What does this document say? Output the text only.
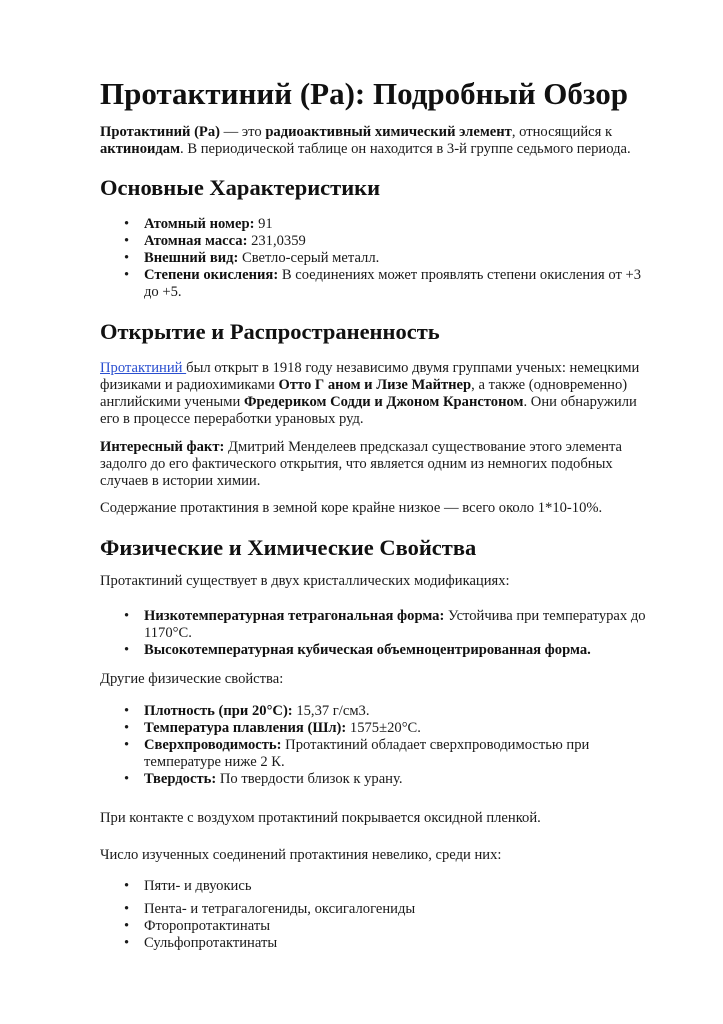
Протактиний (Pa): Подробный Обзор

Протактиний (Pa) — это радиоактивный химический элемент, относящийся к актиноидам. В периодической таблице он находится в 3-й группе седьмого периода.

Основные Характеристики
• Атомный номер: 91
• Атомная масса: 231,0359
• Внешний вид: Светло-серый металл.
• Степени окисления: В соединениях может проявлять степени окисления от +3 до +5.
Открытие и Распространенность

Протактиний был открыт в 1918 году независимо двумя группами ученых: немецкими физиками и радиохимиками Отто Г аном и Лизе Майтнер, а также (одновременно) английскими учеными Фредериком Содди и Джоном Кранстоном. Они обнаружили его в процессе переработки урановых руд.

Интересный факт: Дмитрий Менделеев предсказал существование этого элемента задолго до его фактического открытия, что является одним из немногих подобных случаев в истории химии.

Содержание протактиния в земной коре крайне низкое — всего около 1*10-10%.

Физические и Химические Свойства

Протактиний существует в двух кристаллических модификациях:

• Низкотемпературная тетрагональная форма: Устойчива при температурах до 1170°C.
• Высокотемпературная кубическая объемноцентрированная форма.

Другие физические свойства:

• Плотность (при 20°C): 15,37 г/см3.
• Температура плавления (Шл): 1575±20°C.
• Сверхпроводимость: Протактиний обладает сверхпроводимостью при температуре ниже 2 К.
• Твердость: По твердости близок к урану.

При контакте с воздухом протактиний покрывается оксидной пленкой.

Число изученных соединений протактиния невелико, среди них:

• Пяти- и двуокись
• Пента- и тетрагалогениды, оксигалогениды
• Фторопротактинаты
• Сульфопротактинаты
